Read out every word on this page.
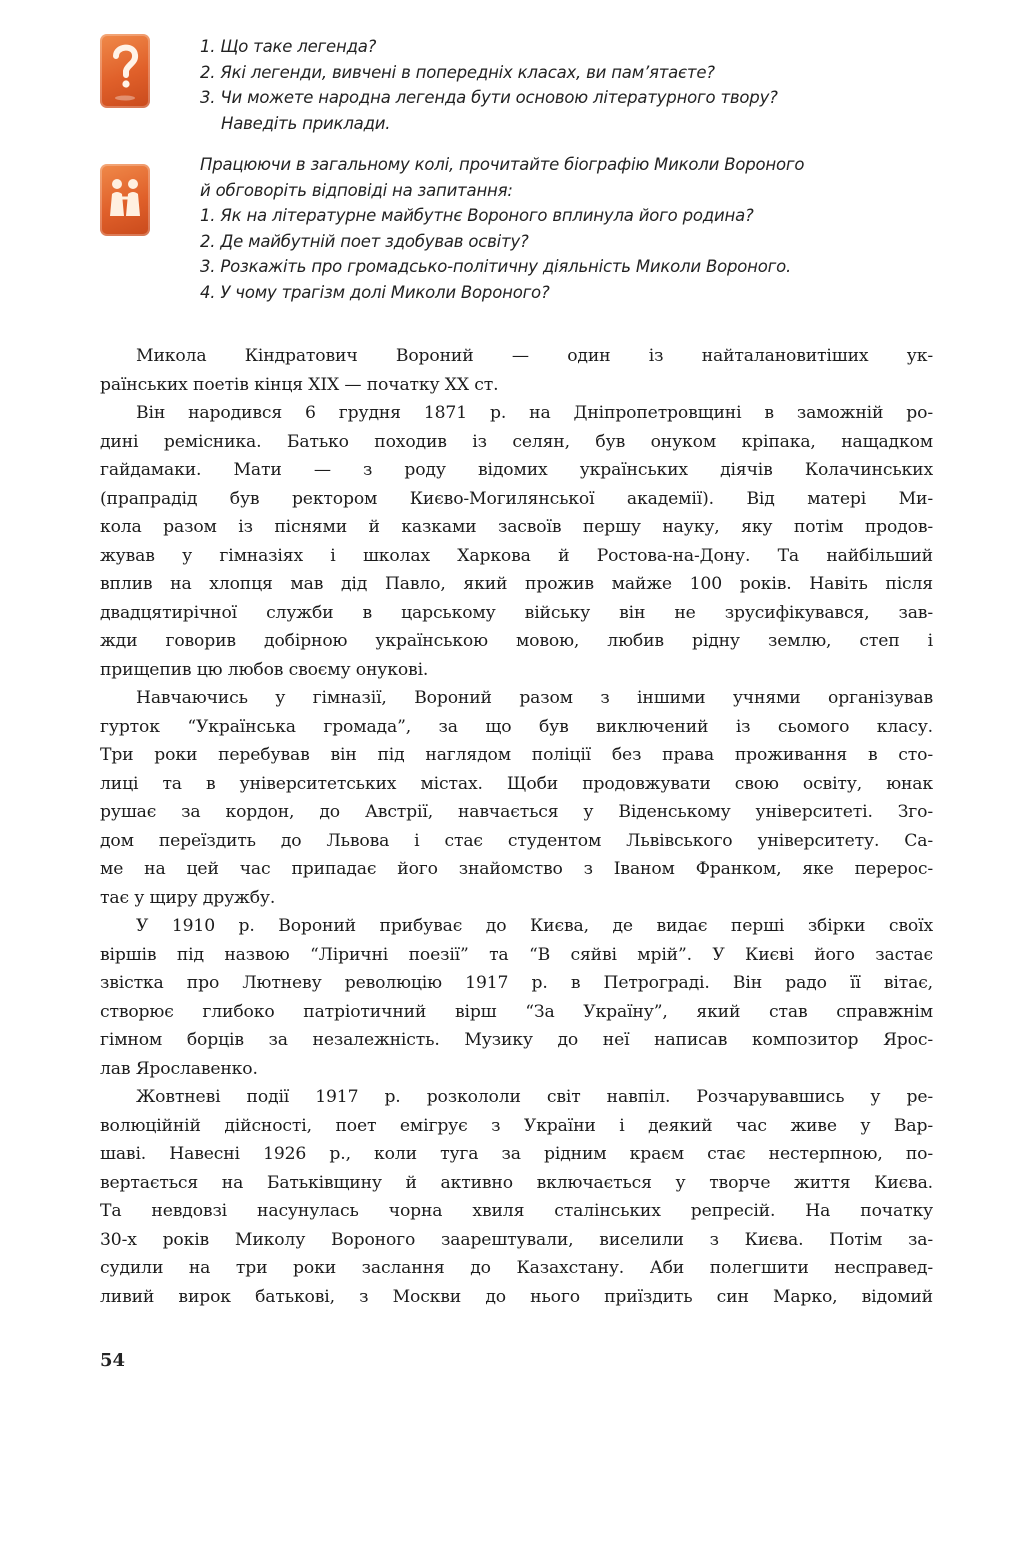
1. Що таке легенда?
2. Які легенди, вивчені в попередніх класах, ви пам’ятаєте?
3. Чи можете народна легенда бути основою літературного твору?
Наведіть приклади.
Працюючи в загальному колі, прочитайте біографію Миколи Вороного
й обговоріть відповіді на запитання:
1. Як на літературне майбутнє Вороного вплинула його родина?
2. Де майбутній поет здобував освіту?
3. Розкажіть про громадсько-політичну діяльність Миколи Вороного.
4. У чому трагізм долі Миколи Вороного?
Микола Кіндратович Вороний — один із найталановитіших ук-
раїнських поетів кінця XIX — початку XX ст.
Він народився 6 грудня 1871 р. на Дніпропетровщині в заможній ро-
дині ремісника. Батько походив із селян, був онуком кріпака, нащадком
гайдамаки. Мати — з роду відомих українських діячів Колачинських
(прапрадід був ректором Києво-Могилянської академії). Від матері Ми-
кола разом із піснями й казками засвоїв першу науку, яку потім продов-
жував у гімназіях і школах Харкова й Ростова-на-Дону. Та найбільший
вплив на хлопця мав дід Павло, який прожив майже 100 років. Навіть після
двадцятирічної служби в царському війську він не зрусифікувався, зав-
жди говорив добірною українською мовою, любив рідну землю, степ і
прищепив цю любов своєму онукові.
Навчаючись у гімназії, Вороний разом з іншими учнями організував
гурток “Українська громада”, за що був виключений із сьомого класу.
Три роки перебував він під наглядом поліції без права проживання в сто-
лиці та в університетських містах. Щоби продовжувати свою освіту, юнак
рушає за кордон, до Австрії, навчається у Віденському університеті. Зго-
дом переїздить до Львова і стає студентом Львівського університету. Са-
ме на цей час припадає його знайомство з Іваном Франком, яке перерос-
тає у щиру дружбу.
У 1910 р. Вороний прибуває до Києва, де видає перші збірки своїх
віршів під назвою “Ліричні поезії” та “В сяйві мрій”. У Києві його застає
звістка про Лютневу революцію 1917 р. в Петрограді. Він радо її вітає,
створює глибоко патріотичний вірш “За Україну”, який став справжнім
гімном борців за незалежність. Музику до неї написав композитор Ярос-
лав Ярославенко.
Жовтневі події 1917 р. розкололи світ навпіл. Розчарувавшись у ре-
волюційній дійсності, поет емігрує з України і деякий час живе у Вар-
шаві. Навесні 1926 р., коли туга за рідним краєм стає нестерпною, по-
вертається на Батьківщину й активно включається у творче життя Києва.
Та невдовзі насунулась чорна хвиля сталінських репресій. На початку
30-х років Миколу Вороного заарештували, виселили з Києва. Потім за-
судили на три роки заслання до Казахстану. Аби полегшити несправед-
ливий вирок батькові, з Москви до нього приїздить син Марко, відомий
54
